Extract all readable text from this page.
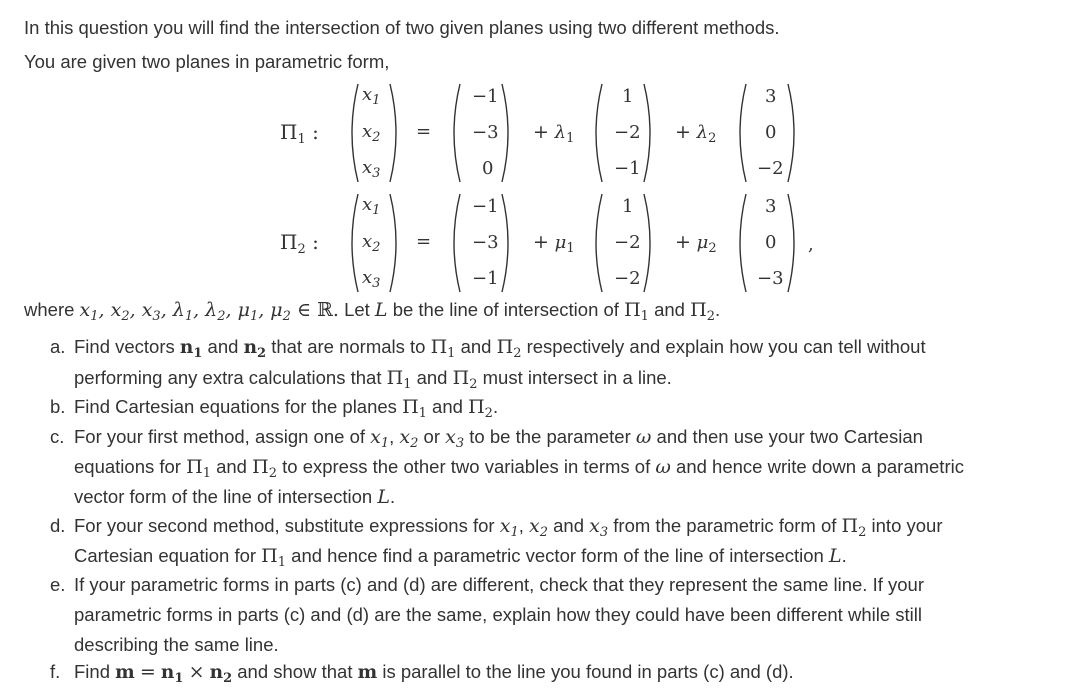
In this question you will find the intersection of two given planes using two different methods.
You are given two planes in parametric form,
$\Pi_1$ :
$x_1$
$x_2$
$x_3$
=
−1
−3
0
+ $\lambda_1$
1
−2
−1
+ $\lambda_2$
3
0
−2
$\Pi_2$ :
$x_1$
$x_2$
$x_3$
=
−1
−3
−1
+ $\mu_1$
1
−2
−2
+ $\mu_2$
3
0
−3
,
where $x_1$, $x_2$, $x_3$, $\lambda_1$, $\lambda_2$, $\mu_1$, $\mu_2$ ∈ ℝ. Let L be the line of intersection of $\Pi_1$ and $\Pi_2$.
a. Find vectors $n_1$ and $n_2$ that are normals to $\Pi_1$ and $\Pi_2$ respectively and explain how you can tell without
performing any extra calculations that $\Pi_1$ and $\Pi_2$ must intersect in a line.
b. Find Cartesian equations for the planes $\Pi_1$ and $\Pi_2$.
c. For your first method, assign one of $x_1$, $x_2$ or $x_3$ to be the parameter ω and then use your two Cartesian
equations for $\Pi_1$ and $\Pi_2$ to express the other two variables in terms of ω and hence write down a parametric
vector form of the line of intersection L.
d. For your second method, substitute expressions for $x_1$, $x_2$ and $x_3$ from the parametric form of $\Pi_2$ into your
Cartesian equation for $\Pi_1$ and hence find a parametric vector form of the line of intersection L.
e. If your parametric forms in parts (c) and (d) are different, check that they represent the same line. If your
parametric forms in parts (c) and (d) are the same, explain how they could have been different while still
describing the same line.
f. Find $m = n_1 \times n_2$ and show that m is parallel to the line you found in parts (c) and (d).
